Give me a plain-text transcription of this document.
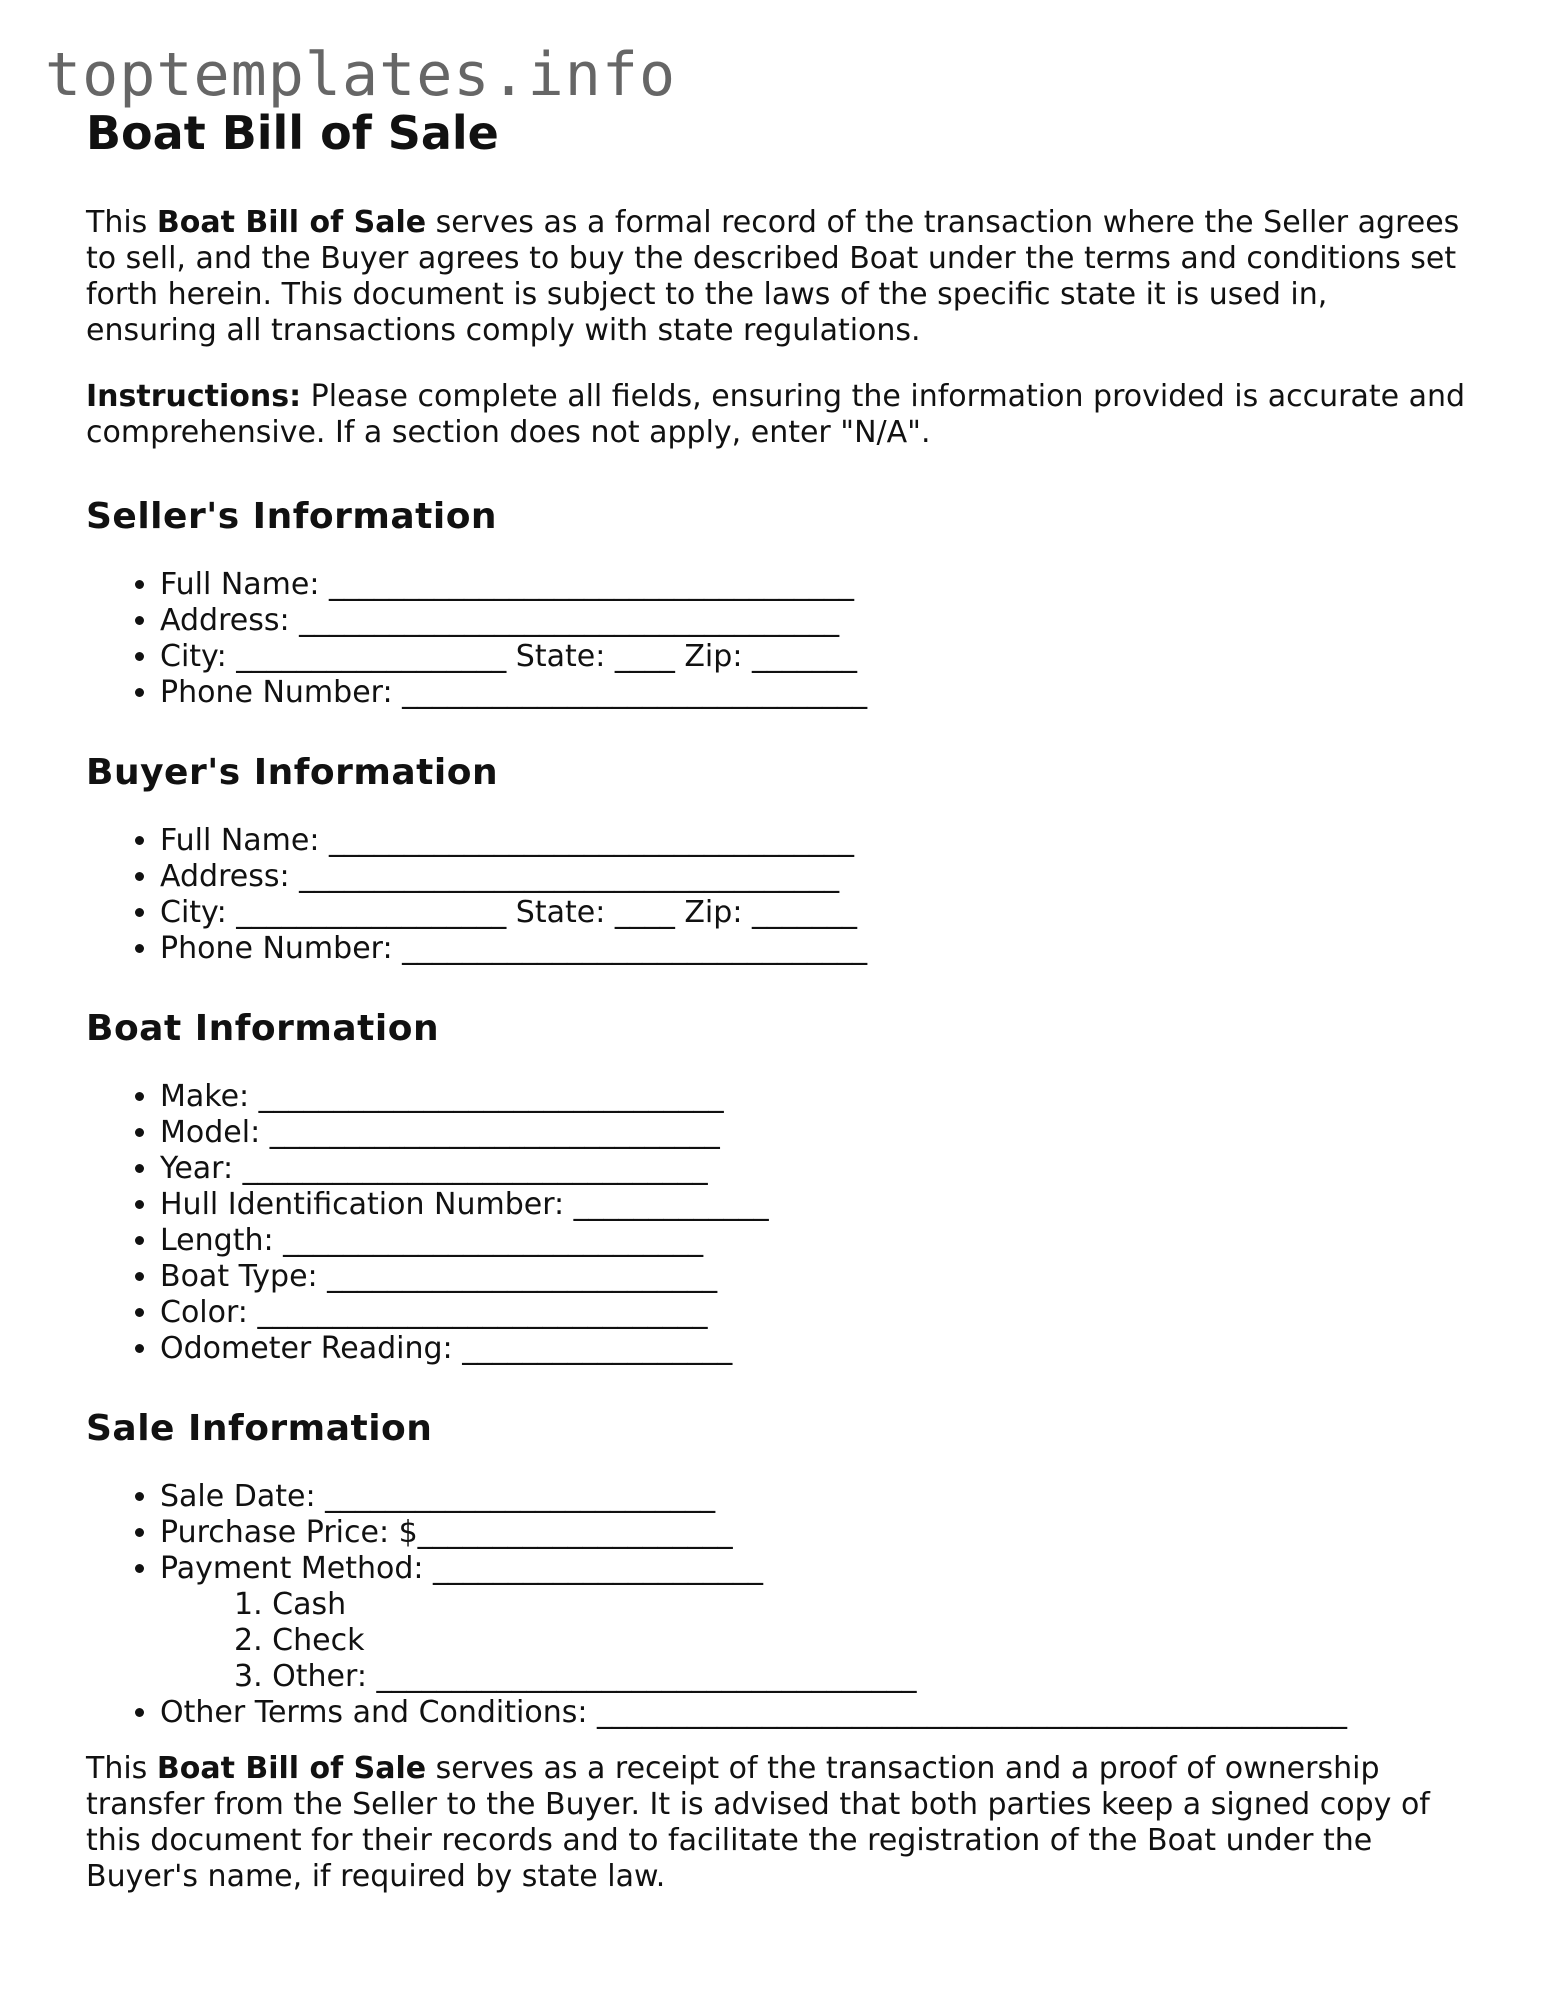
toptemplates.info
Boat Bill of Sale

This Boat Bill of Sale serves as a formal record of the transaction where the Seller agrees to sell, and the Buyer agrees to buy the described Boat under the terms and conditions set forth herein. This document is subject to the laws of the specific state it is used in, ensuring all transactions comply with state regulations.

Instructions: Please complete all fields, ensuring the information provided is accurate and comprehensive. If a section does not apply, enter "N/A".

Seller's Information
• Full Name: ___________________________________
• Address: ____________________________________
• City: __________________ State: ____ Zip: _______
• Phone Number: _______________________________
Buyer's Information
• Full Name: ___________________________________
• Address: ____________________________________
• City: __________________ State: ____ Zip: _______
• Phone Number: _______________________________
Boat Information
• Make: _______________________________
• Model: ______________________________
• Year: _______________________________
• Hull Identification Number: _____________
• Length: ____________________________
• Boat Type: __________________________
• Color: ______________________________
• Odometer Reading: __________________
Sale Information
• Sale Date: __________________________
• Purchase Price: $_____________________
• Payment Method: ______________________
1. Cash
2. Check
3. Other: ____________________________________
• Other Terms and Conditions: __________________________________________________

This Boat Bill of Sale serves as a receipt of the transaction and a proof of ownership transfer from the Seller to the Buyer. It is advised that both parties keep a signed copy of this document for their records and to facilitate the registration of the Boat under the Buyer's name, if required by state law.
